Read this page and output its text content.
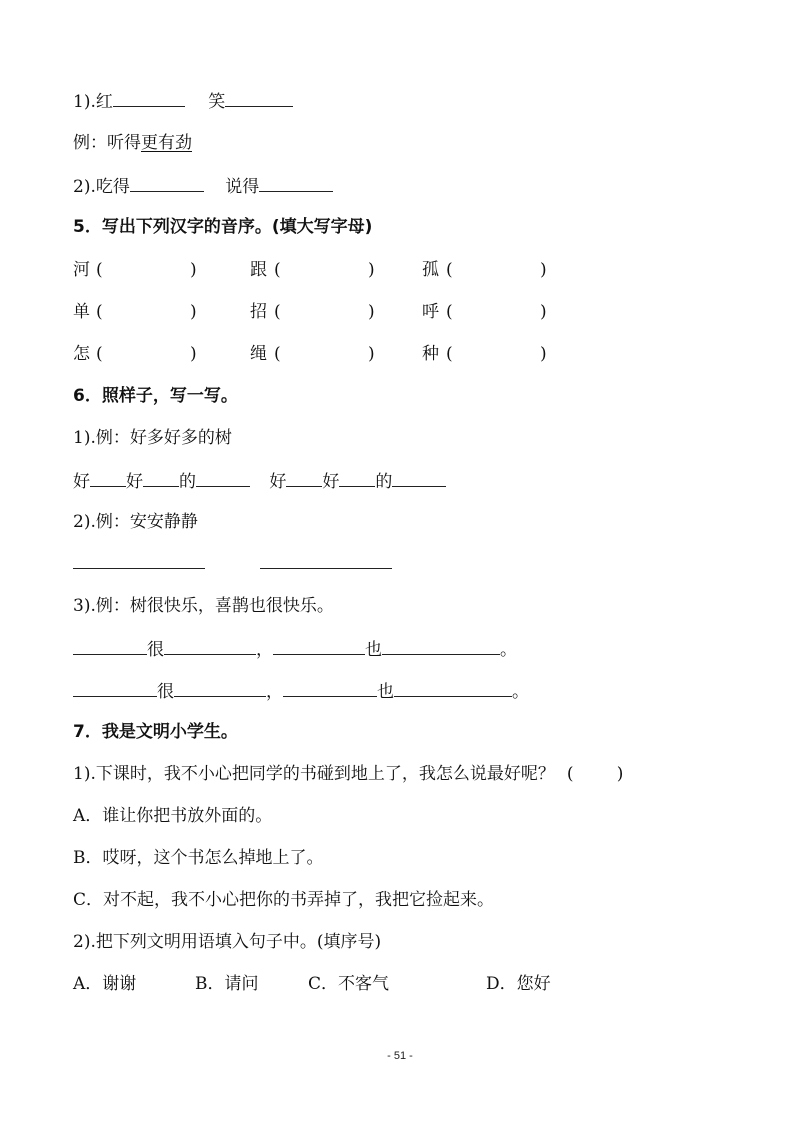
1).红	笑
例：听得更有劲
2).吃得	说得
5．写出下列汉字的音序。(填大写字母)
河 (	)	跟 (	)	孤 (	)
单 (	)	招 (	)	呼 (	)
怎 (	)	绳 (	)	种 (	)
6．照样子，写一写。
1).例：好多好多的树
好 好 的	好 好 的
2).例：安安静静
3).例：树很快乐，喜鹊也很快乐。
很	，	也	。
很	，	也	。
7．我是文明小学生。
1).下课时，我不小心把同学的书碰到地上了，我怎么说最好呢？ (        )
A．谁让你把书放外面的。
B．哎呀，这个书怎么掉地上了。
C．对不起，我不小心把你的书弄掉了，我把它捡起来。
2).把下列文明用语填入句子中。(填序号)
A．谢谢	B．请问	C．不客气	D．您好
- 51 -
